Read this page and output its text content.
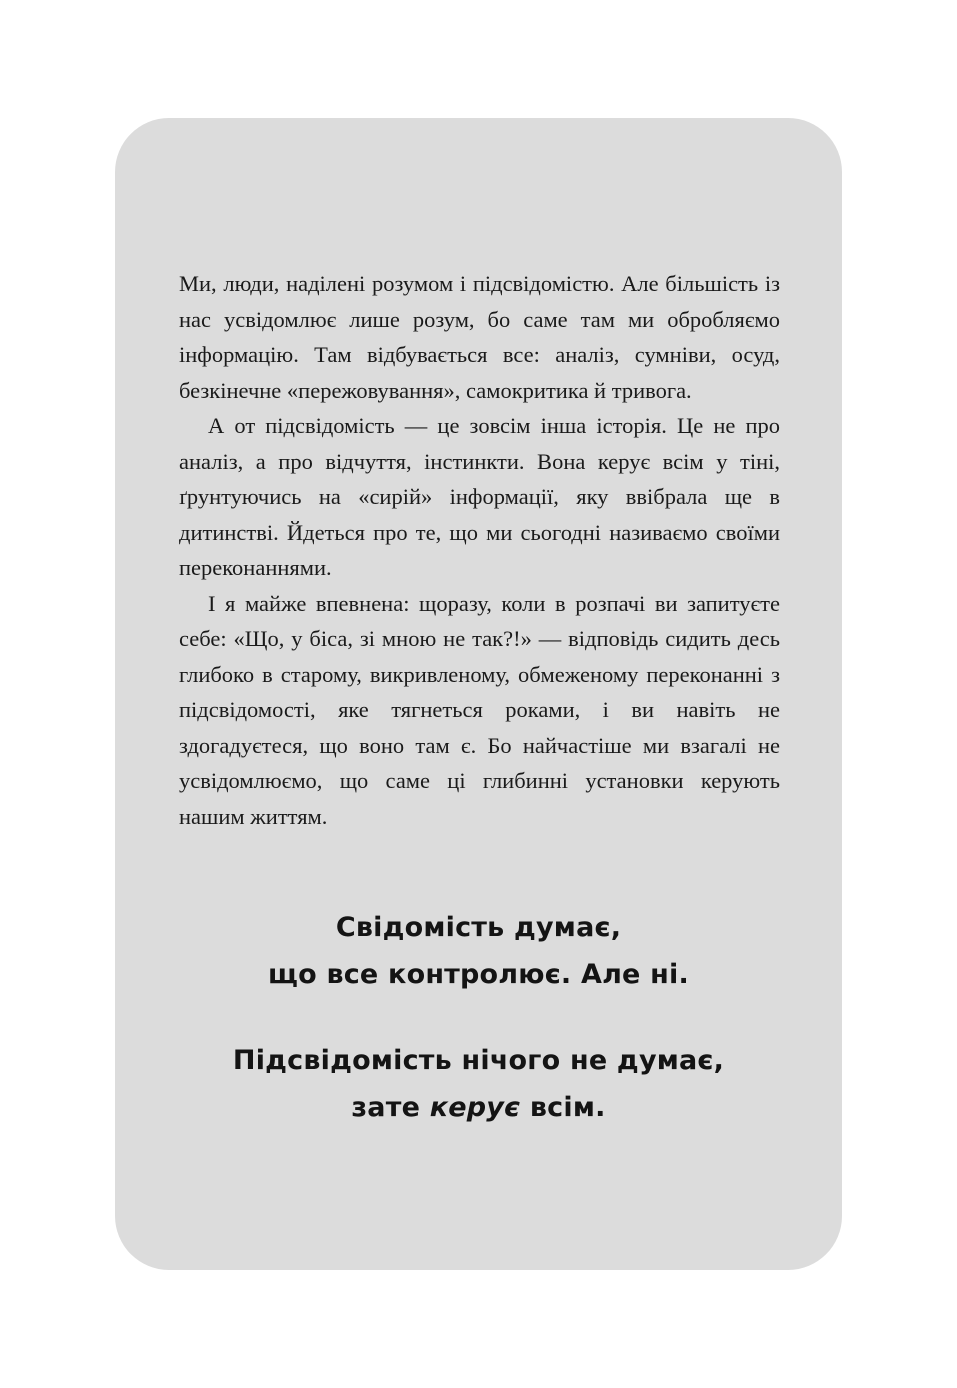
Ми, люди, наділені розумом і підсвідомістю. Але більшість із нас усвідомлює лише розум, бо саме там ми обробляємо інформацію. Там відбувається все: аналіз, сумніви, осуд, безкінечне «пережовування», самокритика й тривога.

А от підсвідомість — це зовсім інша історія. Це не про аналіз, а про відчуття, інстинкти. Вона керує всім у тіні, ґрунтуючись на «сирій» інформації, яку ввібрала ще в дитинстві. Йдеться про те, що ми сьогодні називаємо своїми переконаннями.

І я майже впевнена: щоразу, коли в розпачі ви запитуєте себе: «Що, у біса, зі мною не так?!» — відповідь сидить десь глибоко в старому, викривленому, обмеженому переконанні з підсвідомості, яке тягнеться роками, і ви навіть не здогадуєтеся, що воно там є. Бо найчастіше ми взагалі не усвідомлюємо, що саме ці глибинні установки керують нашим життям.

Свідомість думає,
що все контролює. Але ні.
Підсвідомість нічого не думає,
зате керує всім.
